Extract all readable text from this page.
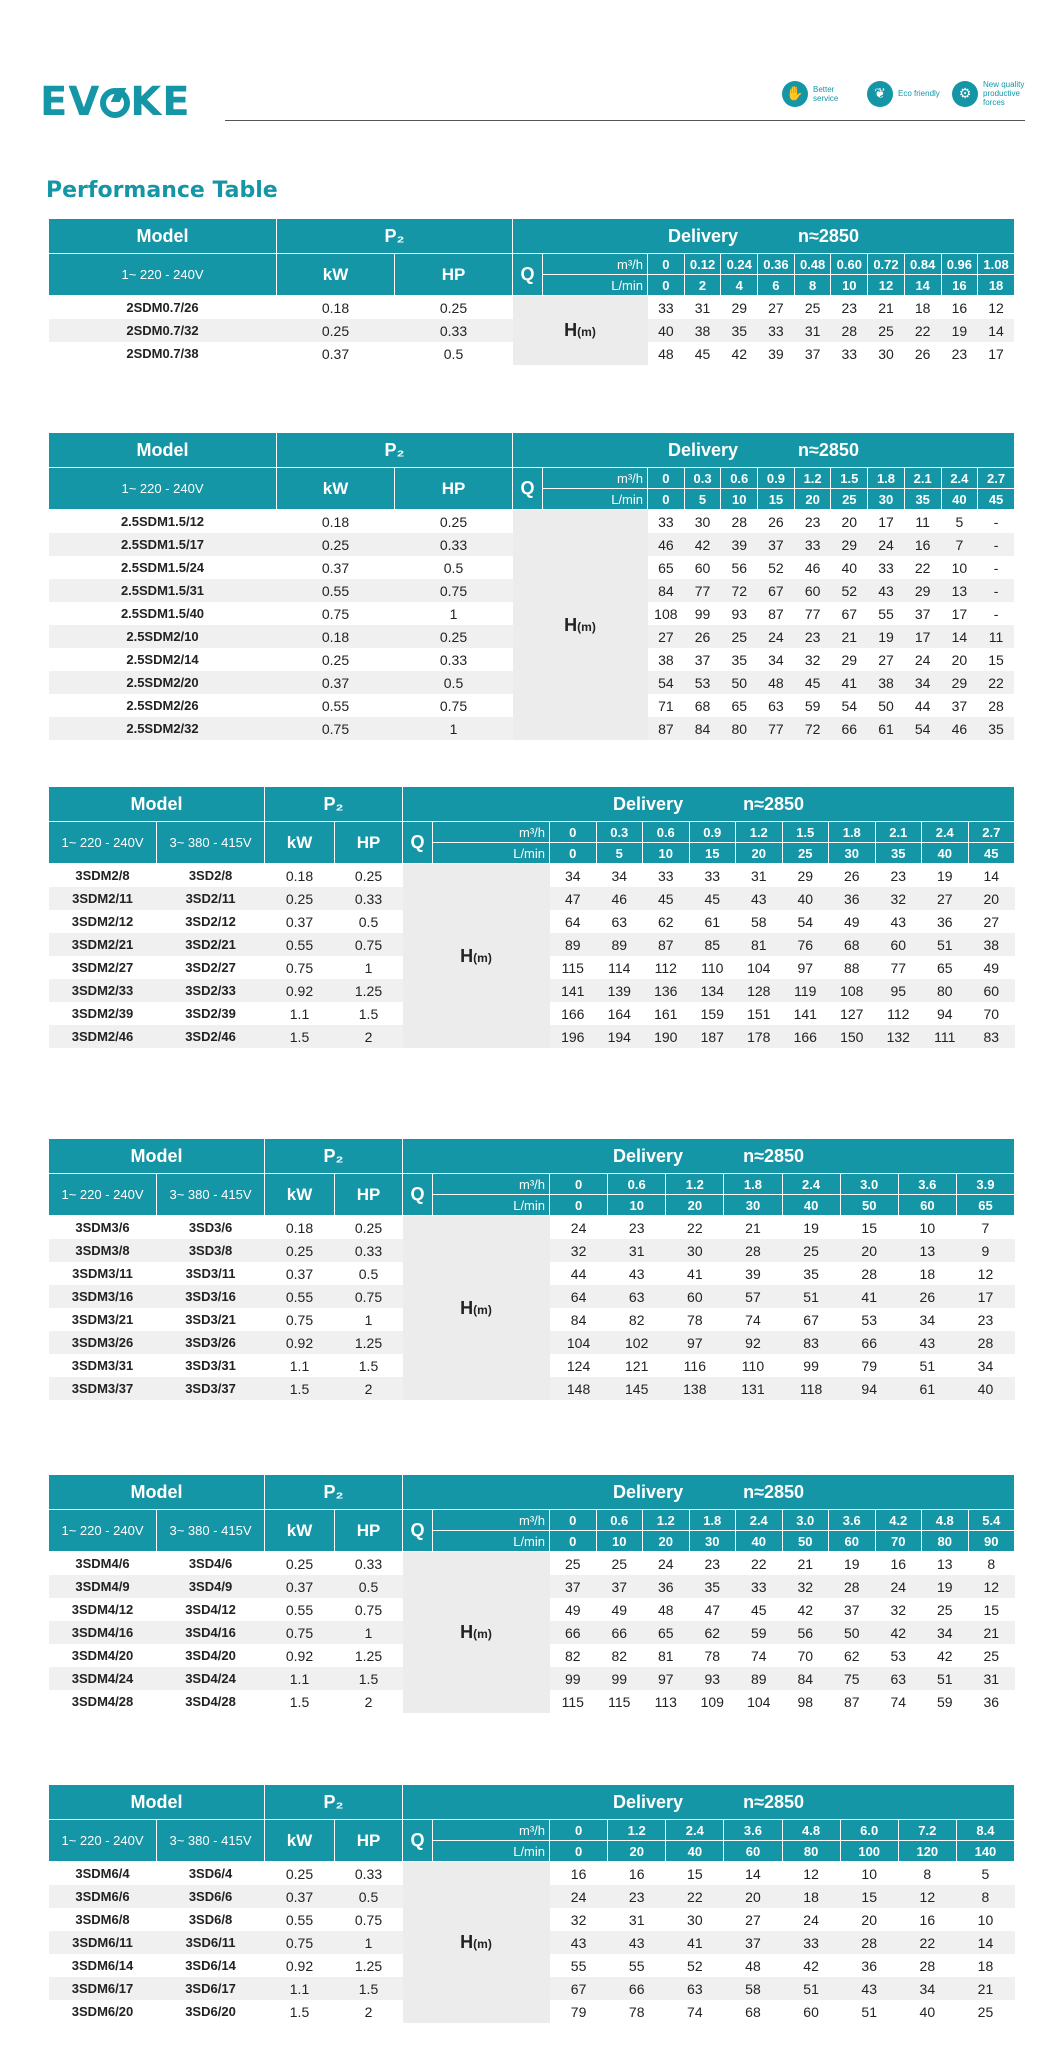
EV KE	✋	Better service	❦	Eco friendly	⚙
New quality productive forces
Performance Table
Model	P₂		Delivery n≈2850											
1~ 220 - 240V	kW	HP	Q	m³/h	0	0.12	0.24	0.36	0.48	0.60	0.72	0.84	0.96	1.08
				L/min	0	2	4	6	8	10	12	14	16	18
2SDM0.7/26	0.18	0.25	H(m)		33	31	29	27	25	23	21	18	16	12
2SDM0.7/32	0.25	0.33			40	38	35	33	31	28	25	22	19	14
2SDM0.7/38	0.37	0.5			48	45	42	39	37	33	30	26	23	17
Model	P₂		Delivery n≈2850											
1~ 220 - 240V	kW	HP	Q	m³/h	0	0.3	0.6	0.9	1.2	1.5	1.8	2.1	2.4	2.7
				L/min	0	5	10	15	20	25	30	35	40	45
2.5SDM1.5/12	0.18	0.25	H(m)		33	30	28	26	23	20	17	11	5	-
2.5SDM1.5/17	0.25	0.33			46	42	39	37	33	29	24	16	7	-
2.5SDM1.5/24	0.37	0.5			65	60	56	52	46	40	33	22	10	-
2.5SDM1.5/31	0.55	0.75			84	77	72	67	60	52	43	29	13	-
2.5SDM1.5/40	0.75	1			108	99	93	87	77	67	55	37	17	-
2.5SDM2/10	0.18	0.25			27	26	25	24	23	21	19	17	14	11
2.5SDM2/14	0.25	0.33			38	37	35	34	32	29	27	24	20	15
2.5SDM2/20	0.37	0.5			54	53	50	48	45	41	38	34	29	22
2.5SDM2/26	0.55	0.75			71	68	65	63	59	54	50	44	37	28
2.5SDM2/32	0.75	1			87	84	80	77	72	66	61	54	46	35
Model		P₂		Delivery n≈2850											
1~ 220 - 240V	3~ 380 - 415V	kW	HP	Q	m³/h	0	0.3	0.6	0.9	1.2	1.5	1.8	2.1	2.4	2.7
					L/min	0	5	10	15	20	25	30	35	40	45
3SDM2/8	3SD2/8	0.18	0.25	H(m)		34	34	33	33	31	29	26	23	19	14
3SDM2/11	3SD2/11	0.25	0.33			47	46	45	45	43	40	36	32	27	20
3SDM2/12	3SD2/12	0.37	0.5			64	63	62	61	58	54	49	43	36	27
3SDM2/21	3SD2/21	0.55	0.75			89	89	87	85	81	76	68	60	51	38
3SDM2/27	3SD2/27	0.75	1			115	114	112	110	104	97	88	77	65	49
3SDM2/33	3SD2/33	0.92	1.25			141	139	136	134	128	119	108	95	80	60
3SDM2/39	3SD2/39	1.1	1.5			166	164	161	159	151	141	127	112	94	70
3SDM2/46	3SD2/46	1.5	2			196	194	190	187	178	166	150	132	111	83
Model		P₂		Delivery n≈2850									
1~ 220 - 240V	3~ 380 - 415V	kW	HP	Q	m³/h	0	0.6	1.2	1.8	2.4	3.0	3.6	3.9
					L/min	0	10	20	30	40	50	60	65
3SDM3/6	3SD3/6	0.18	0.25	H(m)		24	23	22	21	19	15	10	7
3SDM3/8	3SD3/8	0.25	0.33			32	31	30	28	25	20	13	9
3SDM3/11	3SD3/11	0.37	0.5			44	43	41	39	35	28	18	12
3SDM3/16	3SD3/16	0.55	0.75			64	63	60	57	51	41	26	17
3SDM3/21	3SD3/21	0.75	1			84	82	78	74	67	53	34	23
3SDM3/26	3SD3/26	0.92	1.25			104	102	97	92	83	66	43	28
3SDM3/31	3SD3/31	1.1	1.5			124	121	116	110	99	79	51	34
3SDM3/37	3SD3/37	1.5	2			148	145	138	131	118	94	61	40
Model		P₂		Delivery n≈2850											
1~ 220 - 240V	3~ 380 - 415V	kW	HP	Q	m³/h	0	0.6	1.2	1.8	2.4	3.0	3.6	4.2	4.8	5.4
					L/min	0	10	20	30	40	50	60	70	80	90
3SDM4/6	3SD4/6	0.25	0.33	H(m)		25	25	24	23	22	21	19	16	13	8
3SDM4/9	3SD4/9	0.37	0.5			37	37	36	35	33	32	28	24	19	12
3SDM4/12	3SD4/12	0.55	0.75			49	49	48	47	45	42	37	32	25	15
3SDM4/16	3SD4/16	0.75	1			66	66	65	62	59	56	50	42	34	21
3SDM4/20	3SD4/20	0.92	1.25			82	82	81	78	74	70	62	53	42	25
3SDM4/24	3SD4/24	1.1	1.5			99	99	97	93	89	84	75	63	51	31
3SDM4/28	3SD4/28	1.5	2			115	115	113	109	104	98	87	74	59	36
Model		P₂		Delivery n≈2850									
1~ 220 - 240V	3~ 380 - 415V	kW	HP	Q	m³/h	0	1.2	2.4	3.6	4.8	6.0	7.2	8.4
					L/min	0	20	40	60	80	100	120	140
3SDM6/4	3SD6/4	0.25	0.33	H(m)		16	16	15	14	12	10	8	5
3SDM6/6	3SD6/6	0.37	0.5			24	23	22	20	18	15	12	8
3SDM6/8	3SD6/8	0.55	0.75			32	31	30	27	24	20	16	10
3SDM6/11	3SD6/11	0.75	1			43	43	41	37	33	28	22	14
3SDM6/14	3SD6/14	0.92	1.25			55	55	52	48	42	36	28	18
3SDM6/17	3SD6/17	1.1	1.5			67	66	63	58	51	43	34	21
3SDM6/20	3SD6/20	1.5	2			79	78	74	68	60	51	40	25
